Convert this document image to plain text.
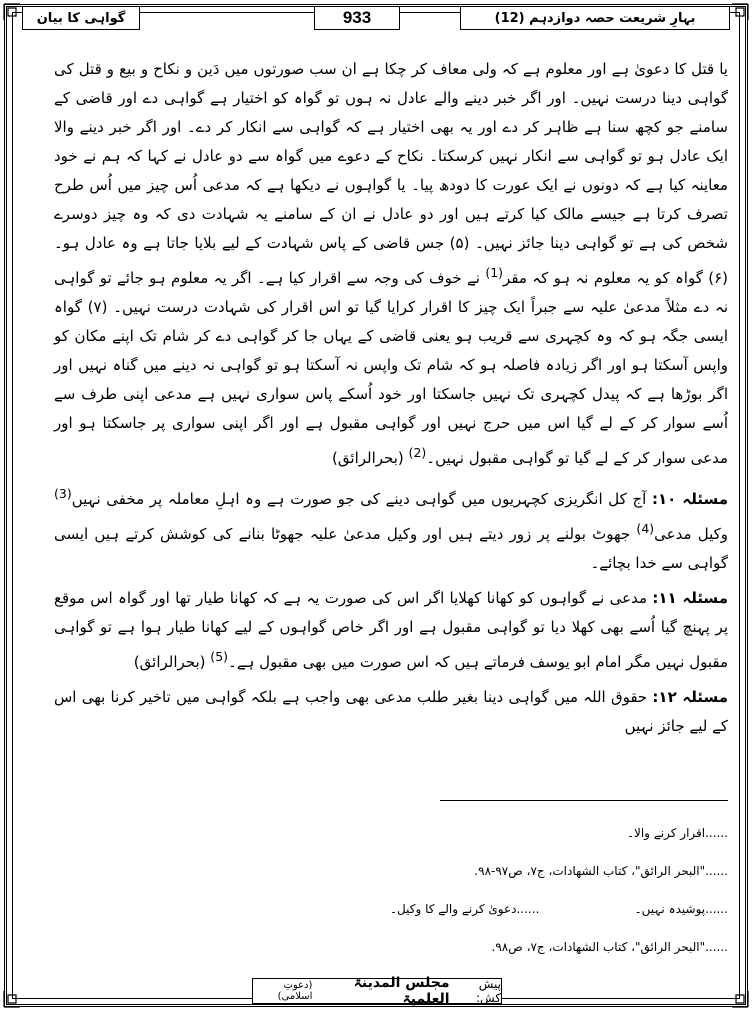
بہارِ شریعت حصہ دوازدہم (12)
933
گواہی کا بیان

یا قتل کا دعویٰ ہے اور معلوم ہے کہ ولی معاف کر چکا ہے ان سب صورتوں میں دَین و نکاح و بیع و قتل کی گواہی دینا درست نہیں۔ اور اگر خبر دینے والے عادل نہ ہوں تو گواہ کو اختیار ہے گواہی دے اور قاضی کے سامنے جو کچھ سنا ہے ظاہر کر دے اور یہ بھی اختیار ہے کہ گواہی سے انکار کر دے۔ اور اگر خبر دینے والا ایک عادل ہو تو گواہی سے انکار نہیں کرسکتا۔ نکاح کے دعوے میں گواہ سے دو عادل نے کہا کہ ہم نے خود معاینہ کیا ہے کہ دونوں نے ایک عورت کا دودھ پیا۔ یا گواہوں نے دیکھا ہے کہ مدعی اُس چیز میں اُس طرح تصرف کرتا ہے جیسے مالک کیا کرتے ہیں اور دو عادل نے ان کے سامنے یہ شہادت دی کہ وہ چیز دوسرے شخص کی ہے تو گواہی دینا جائز نہیں۔ (۵) جس قاضی کے پاس شہادت کے لیے بلایا جاتا ہے وہ عادل ہو۔ (۶) گواہ کو یہ معلوم نہ ہو کہ مقر$^{(1)}$ نے خوف کی وجہ سے اقرار کیا ہے۔ اگر یہ معلوم ہو جائے تو گواہی نہ دے مثلاً مدعیٰ علیہ سے جبراً ایک چیز کا اقرار کرایا گیا تو اس اقرار کی شہادت درست نہیں۔ (۷) گواہ ایسی جگہ ہو کہ وہ کچہری سے قریب ہو یعنی قاضی کے یہاں جا کر گواہی دے کر شام تک اپنے مکان کو واپس آسکتا ہو اور اگر زیادہ فاصلہ ہو کہ شام تک واپس نہ آسکتا ہو تو گواہی نہ دینے میں گناہ نہیں اور اگر بوڑھا ہے کہ پیدل کچہری تک نہیں جاسکتا اور خود اُسکے پاس سواری نہیں ہے مدعی اپنی طرف سے اُسے سوار کر کے لے گیا اس میں حرج نہیں اور گواہی مقبول ہے اور اگر اپنی سواری پر جاسکتا ہو اور مدعی سوار کر کے لے گیا تو گواہی مقبول نہیں۔$^{(2)}$ (بحرالرائق)

مسئلہ ۱۰: آج کل انگریزی کچہریوں میں گواہی دینے کی جو صورت ہے وہ اہلِ معاملہ پر مخفی نہیں$^{(3)}$ وکیل مدعی$^{(4)}$ جھوٹ بولنے پر زور دیتے ہیں اور وکیل مدعیٰ علیہ جھوٹا بنانے کی کوشش کرتے ہیں ایسی گواہی سے خدا بچائے۔

مسئلہ ۱۱: مدعی نے گواہوں کو کھانا کھلایا اگر اس کی صورت یہ ہے کہ کھانا طیار تھا اور گواہ اس موقع پر پہنچ گیا اُسے بھی کھلا دیا تو گواہی مقبول ہے اور اگر خاص گواہوں کے لیے کھانا طیار ہوا ہے تو گواہی مقبول نہیں مگر امام ابو یوسف فرماتے ہیں کہ اس صورت میں بھی مقبول ہے۔$^{(5)}$ (بحرالرائق)

مسئلہ ۱۲: حقوق اللہ میں گواہی دینا بغیر طلب مدعی بھی واجب ہے بلکہ گواہی میں تاخیر کرنا بھی اس کے لیے جائز نہیں

......اقرار کرنے والا۔
......"البحر الرائق"، كتاب الشهادات، ج۷، ص۹۷-۹۸.
......پوشیدہ نہیں۔
......دعویٰ کرنے والے کا وکیل۔
......"البحر الرائق"، كتاب الشهادات، ج۷، ص۹۸.
پیش کش:
مجلس المدینۃ العلمیۃ
(دعوتِ اسلامی)
